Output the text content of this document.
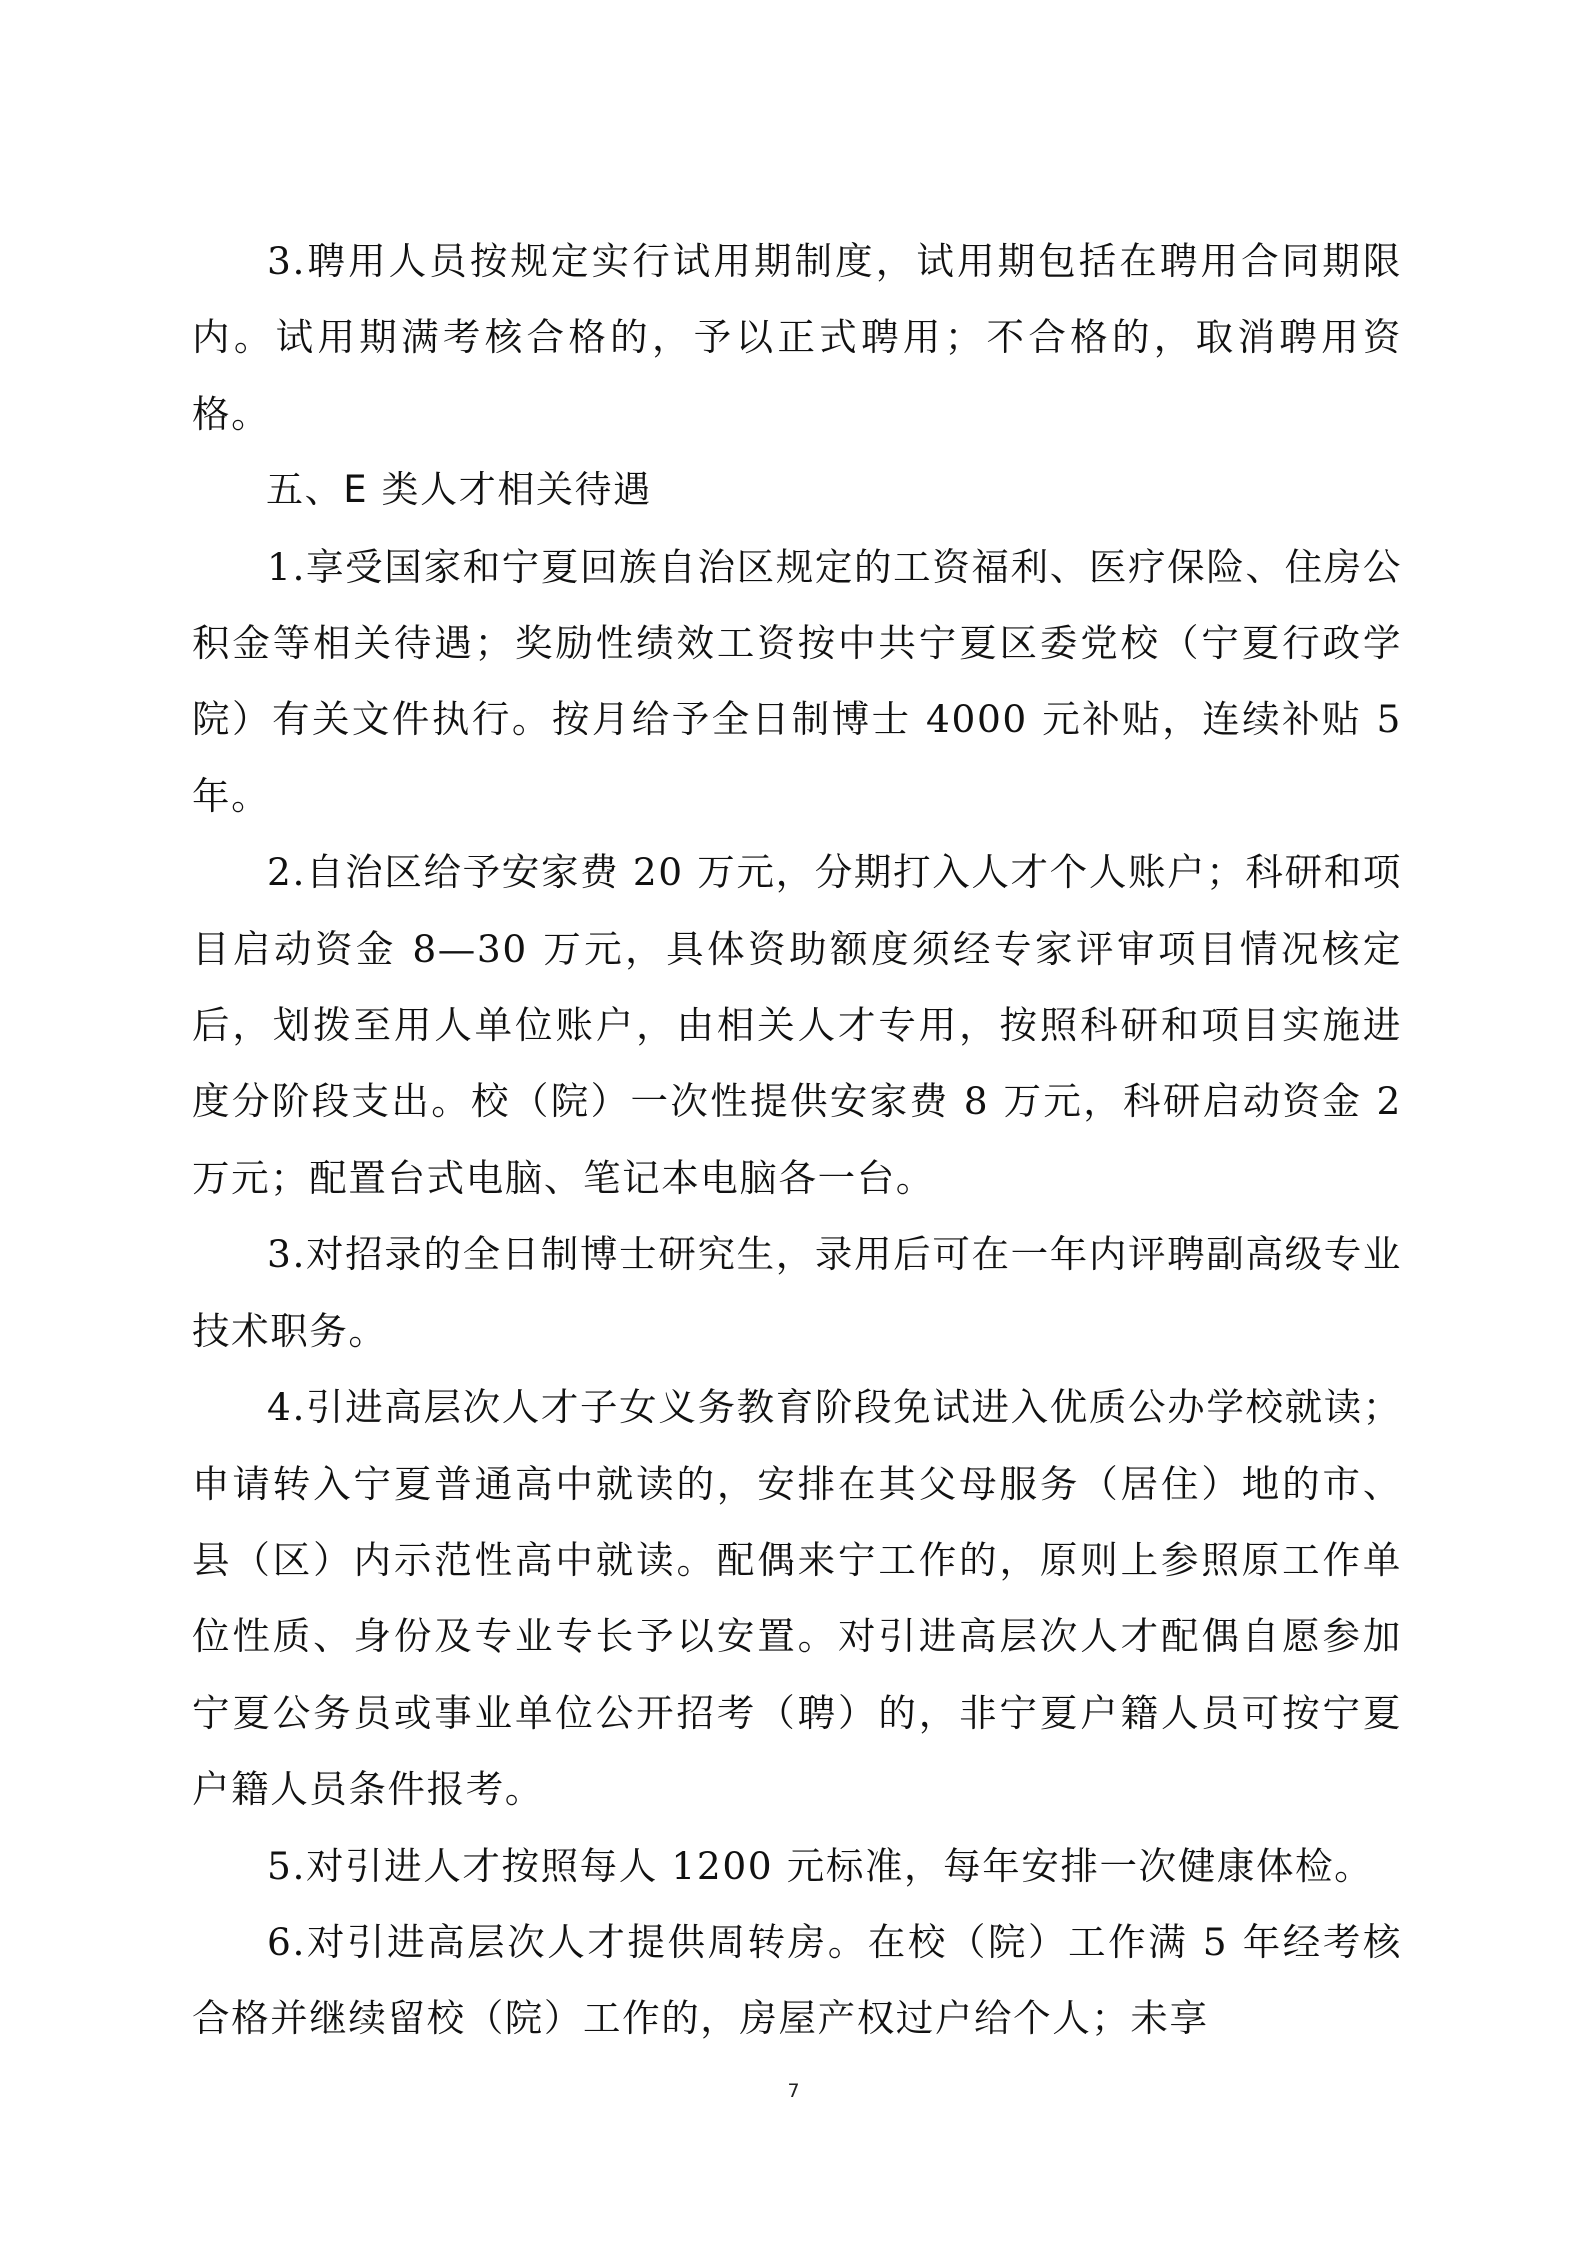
3.聘用人员按规定实行试用期制度，试用期包括在聘用合同期限内。试用期满考核合格的，予以正式聘用；不合格的，取消聘用资格。

五、E 类人才相关待遇

1.享受国家和宁夏回族自治区规定的工资福利、医疗保险、住房公积金等相关待遇；奖励性绩效工资按中共宁夏区委党校（宁夏行政学院）有关文件执行。按月给予全日制博士 4000 元补贴，连续补贴 5 年。

2.自治区给予安家费 20 万元，分期打入人才个人账户；科研和项目启动资金 8—30 万元，具体资助额度须经专家评审项目情况核定后，划拨至用人单位账户，由相关人才专用，按照科研和项目实施进度分阶段支出。校（院）一次性提供安家费 8 万元，科研启动资金 2 万元；配置台式电脑、笔记本电脑各一台。

3.对招录的全日制博士研究生，录用后可在一年内评聘副高级专业技术职务。

4.引进高层次人才子女义务教育阶段免试进入优质公办学校就读；申请转入宁夏普通高中就读的，安排在其父母服务（居住）地的市、县（区）内示范性高中就读。配偶来宁工作的，原则上参照原工作单位性质、身份及专业专长予以安置。对引进高层次人才配偶自愿参加宁夏公务员或事业单位公开招考（聘）的，非宁夏户籍人员可按宁夏户籍人员条件报考。

5.对引进人才按照每人 1200 元标准，每年安排一次健康体检。

6.对引进高层次人才提供周转房。在校（院）工作满 5 年经考核合格并继续留校（院）工作的，房屋产权过户给个人；未享

7
